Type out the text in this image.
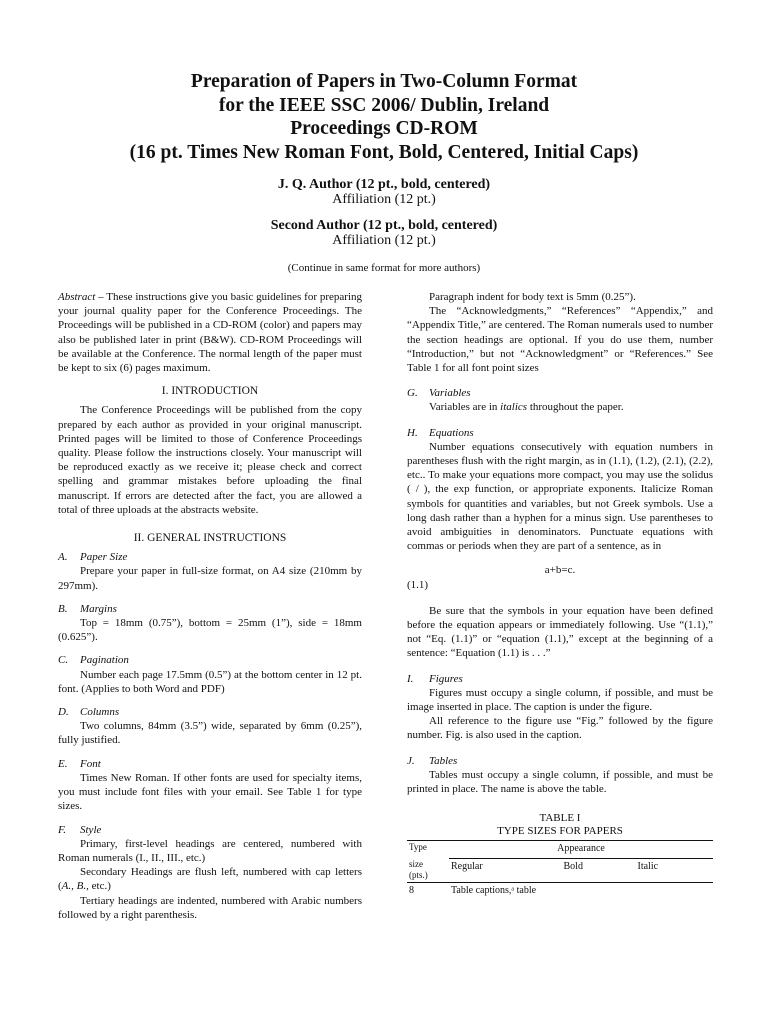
Preparation of Papers in Two-Column Format
for the IEEE SSC 2006/ Dublin, Ireland
Proceedings CD-ROM
(16 pt. Times New Roman Font, Bold, Centered, Initial Caps)
J. Q. Author (12 pt., bold, centered)
Affiliation (12 pt.)
Second Author (12 pt., bold, centered)
Affiliation (12 pt.)
(Continue in same format for more authors)

Abstract – These instructions give you basic guidelines for preparing your journal quality paper for the Conference Proceedings. The Proceedings will be published in a CD-ROM (color) and papers may also be published later in print (B&W). CD-ROM Proceedings will be available at the Conference. The normal length of the paper must be kept to six (6) pages maximum.

I. INTRODUCTION

The Conference Proceedings will be published from the copy prepared by each author as provided in your original manuscript. Printed pages will be limited to those of Conference Proceedings quality. Please follow the instructions closely. Your manuscript will be reproduced exactly as we receive it; please check and correct spelling and grammar mistakes before uploading the final manuscript. If errors are detected after the fact, you are allowed a total of three uploads at the abstracts website.

II. GENERAL INSTRUCTIONS

A. Paper Size

Prepare your paper in full-size format, on A4 size (210mm by 297mm).

B. Margins

Top = 18mm (0.75”), bottom = 25mm (1”), side = 18mm (0.625”).

C. Pagination

Number each page 17.5mm (0.5”) at the bottom center in 12 pt. font. (Applies to both Word and PDF)

D. Columns

Two columns, 84mm (3.5”) wide, separated by 6mm (0.25”), fully justified.

E. Font

Times New Roman. If other fonts are used for specialty items, you must include font files with your email. See Table 1 for type sizes.

F. Style

Primary, first-level headings are centered, numbered with Roman numerals (I., II., III., etc.)

Secondary Headings are flush left, numbered with cap letters (A., B., etc.)

Tertiary headings are indented, numbered with Arabic numbers followed by a right parenthesis.

Paragraph indent for body text is 5mm (0.25”).

The “Acknowledgments,” “References” “Appendix,” and “Appendix Title,” are centered. The Roman numerals used to number the section headings are optional. If you do use them, number “Introduction,” but not “Acknowledgment” or “References.” See Table 1 for all font point sizes

G. Variables

Variables are in italics throughout the paper.

H. Equations

Number equations consecutively with equation numbers in parentheses flush with the right margin, as in (1.1), (1.2), (2.1), (2.2), etc.. To make your equations more compact, you may use the solidus ( / ), the exp function, or appropriate exponents. Italicize Roman symbols for quantities and variables, but not Greek symbols. Use a long dash rather than a hyphen for a minus sign. Use parentheses to avoid ambiguities in denominators. Punctuate equations with commas or periods when they are part of a sentence, as in

a+b=c.

(1.1)

Be sure that the symbols in your equation have been defined before the equation appears or immediately following. Use “(1.1),” not “Eq. (1.1)” or “equation (1.1),” except at the beginning of a sentence: “Equation (1.1) is . . .”

I. Figures

Figures must occupy a single column, if possible, and must be image inserted in place. The caption is under the figure.

All reference to the figure use “Fig.” followed by the figure number. Fig. is also used in the caption.

J. Tables

Tables must occupy a single column, if possible, and must be printed in place. The name is above the table.

TABLE I

TYPE SIZES FOR PAPERS

Type	Appearance		
size
(pts.)	Regular	Bold	Italic
8	Table captions,ᵃ table		
